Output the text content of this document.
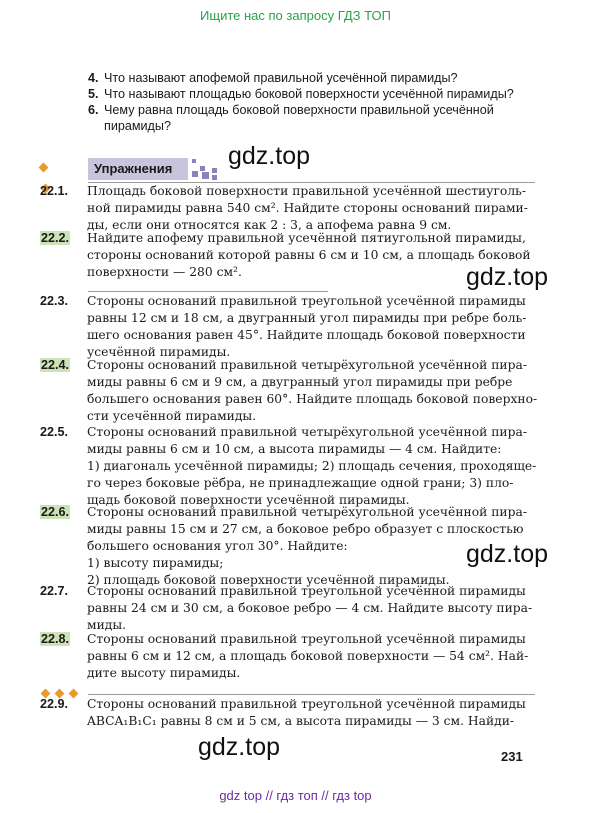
Ищите нас по запросу ГДЗ ТОП
4. Что называют апофемой правильной усечённой пирамиды?
5. Что называют площадью боковой поверхности усечённой пирамиды?
6. Чему равна площадь боковой поверхности правильной усечённой
пирамиды?
Упражнения	gdz.top
22.1.	Площадь боковой поверхности правильной усечённой шестиуголь-
ной пирамиды равна 540 см². Найдите стороны оснований пирами-
ды, если они относятся как 2 : 3, а апофема равна 9 см.
22.2.	Найдите апофему правильной усечённой пятиугольной пирамиды,
стороны оснований которой равны 6 см и 10 см, а площадь боковой
поверхности — 280 см².	gdz.top
22.3.	Стороны оснований правильной треугольной усечённой пирамиды
равны 12 см и 18 см, а двугранный угол пирамиды при ребре боль-
шего основания равен 45°. Найдите площадь боковой поверхности
усечённой пирамиды.
22.4.	Стороны оснований правильной четырёхугольной усечённой пира-
миды равны 6 см и 9 см, а двугранный угол пирамиды при ребре
большего основания равен 60°. Найдите площадь боковой поверхно-
сти усечённой пирамиды.
22.5.	Стороны оснований правильной четырёхугольной усечённой пира-
миды равны 6 см и 10 см, а высота пирамиды — 4 см. Найдите:
1) диагональ усечённой пирамиды; 2) площадь сечения, проходяще-
го через боковые рёбра, не принадлежащие одной грани; 3) пло-
щадь боковой поверхности усечённой пирамиды.
22.6.	Стороны оснований правильной четырёхугольной усечённой пира-
миды равны 15 см и 27 см, а боковое ребро образует с плоскостью
большего основания угол 30°. Найдите:
1) высоту пирамиды;
2) площадь боковой поверхности усечённой пирамиды.
gdz.top
22.7.	Стороны оснований правильной треугольной усечённой пирамиды
равны 24 см и 30 см, а боковое ребро — 4 см. Найдите высоту пира-
миды.
22.8.	Стороны оснований правильной треугольной усечённой пирамиды
равны 6 см и 12 см, а площадь боковой поверхности — 54 см². Най-
дите высоту пирамиды.
22.9.	Стороны оснований правильной треугольной усечённой пирамиды
ABCA₁B₁C₁ равны 8 см и 5 см, а высота пирамиды — 3 см. Найди-
gdz.top	231
gdz top // гдз топ // гдз top
